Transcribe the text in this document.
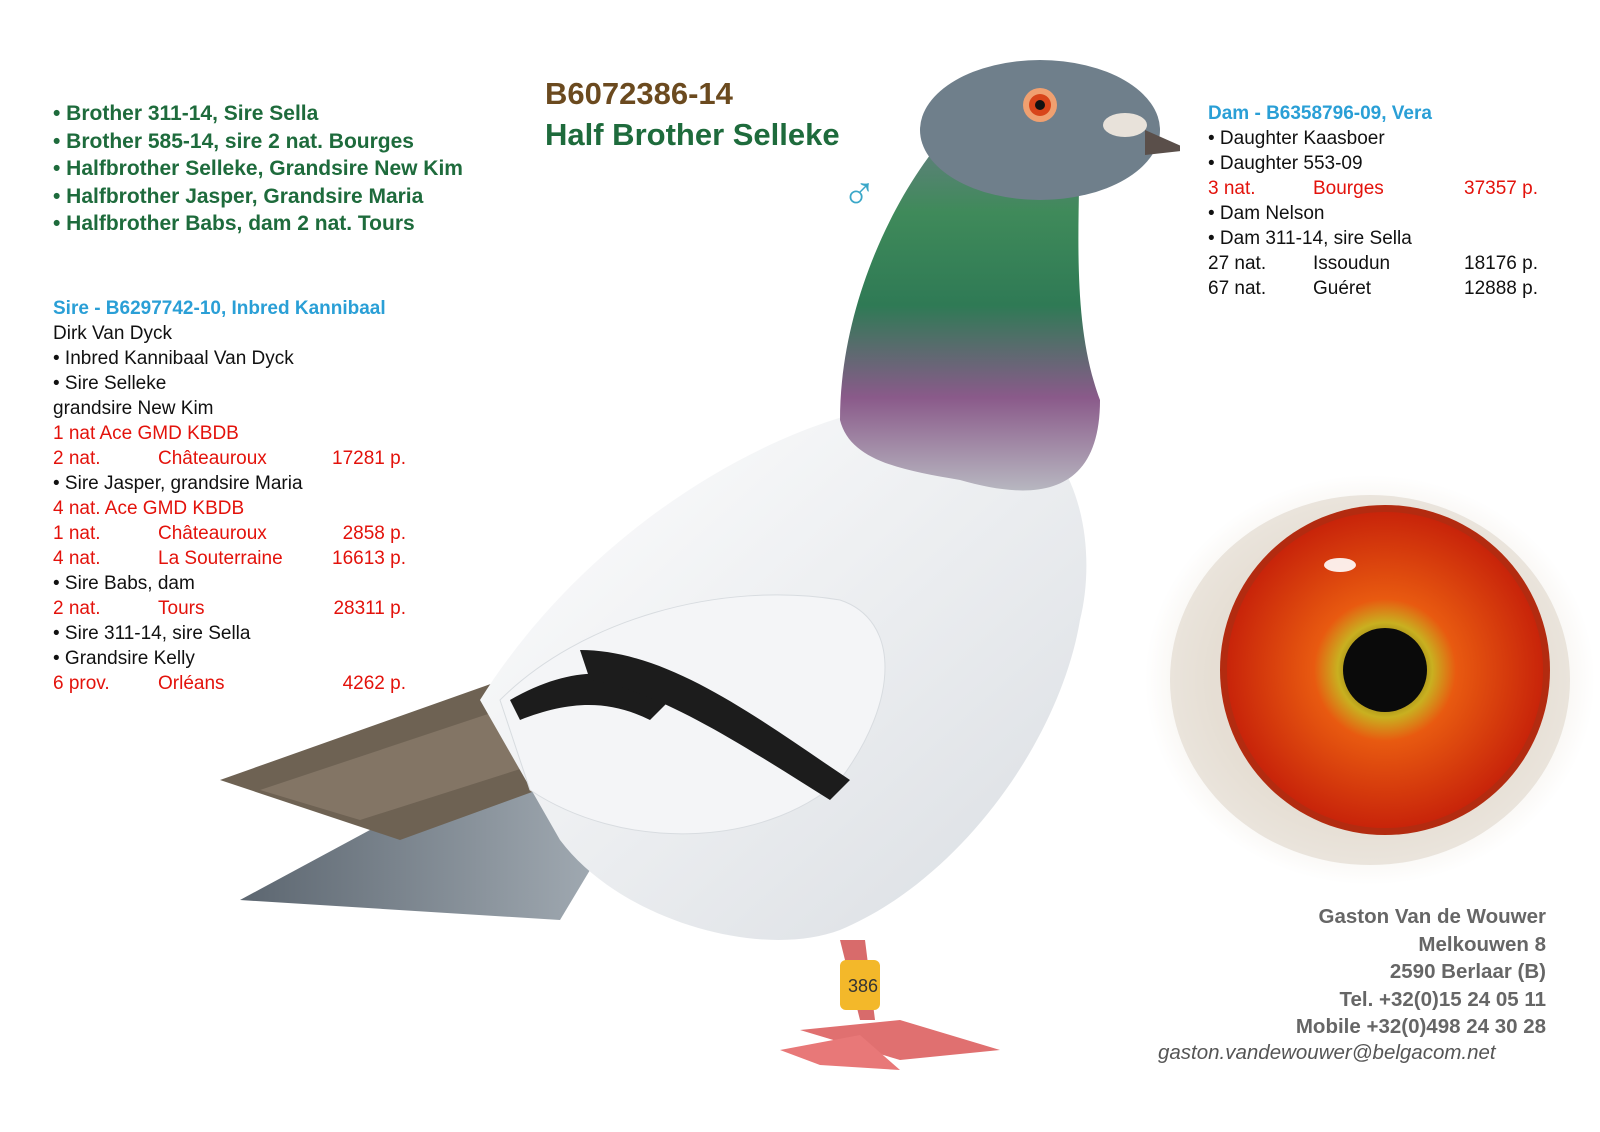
386
• Brother 311-14, Sire Sella
• Brother 585-14, sire 2 nat. Bourges
• Halfbrother Selleke, Grandsire New Kim
• Halfbrother Jasper, Grandsire Maria
• Halfbrother Babs, dam 2 nat. Tours
B6072386-14
Half Brother Selleke
♂
Sire - B6297742-10, Inbred Kannibaal
Dirk Van Dyck
• Inbred Kannibaal Van Dyck
• Sire Selleke
grandsire New Kim
1 nat Ace GMD KBDB
2 nat.	Châteauroux	17281 p.
• Sire Jasper, grandsire Maria
4 nat. Ace GMD KBDB
1 nat.	Châteauroux	2858 p.
4 nat.	La Souterraine	16613 p.
• Sire Babs, dam
2 nat.	Tours	28311 p.
• Sire 311-14, sire Sella
• Grandsire Kelly
6 prov.	Orléans	4262 p.
Dam - B6358796-09, Vera
• Daughter Kaasboer
• Daughter 553-09
3 nat.	Bourges	37357 p.
• Dam Nelson
• Dam 311-14, sire Sella
27 nat.	Issoudun	18176 p.
67 nat.	Guéret	12888 p.
Gaston Van de Wouwer
Melkouwen 8
2590 Berlaar (B)
Tel. +32(0)15 24 05 11
Mobile +32(0)498 24 30 28
gaston.vandewouwer@belgacom.net
